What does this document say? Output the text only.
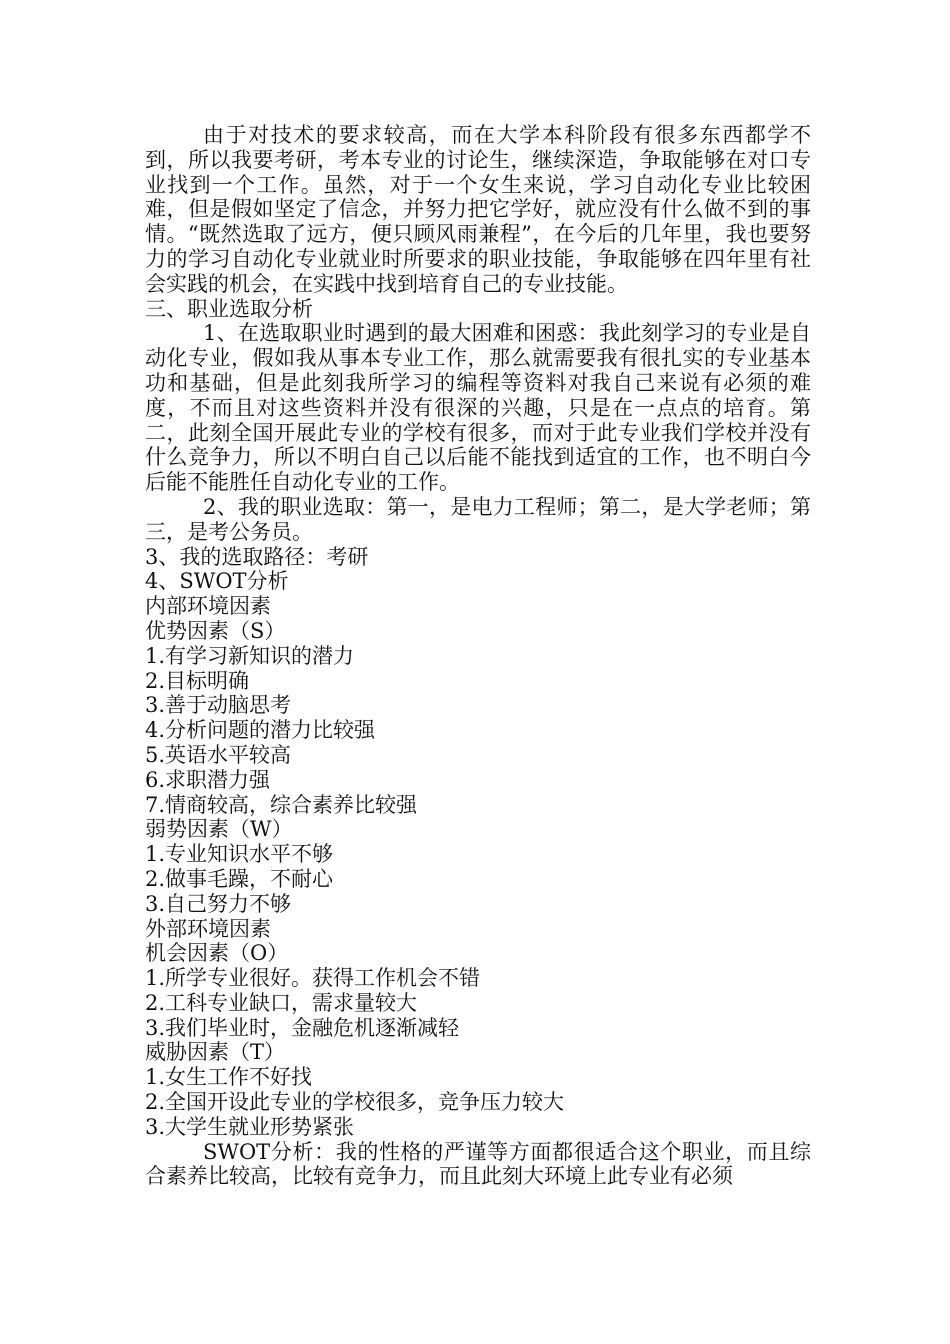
由于对技术的要求较高，而在大学本科阶段有很多东西都学不到，所以我要考研，考本专业的讨论生，继续深造，争取能够在对口专业找到一个工作。虽然，对于一个女生来说，学习自动化专业比较困难，但是假如坚定了信念，并努力把它学好，就应没有什么做不到的事情。“既然选取了远方，便只顾风雨兼程”，在今后的几年里，我也要努力的学习自动化专业就业时所要求的职业技能，争取能够在四年里有社会实践的机会，在实践中找到培育自己的专业技能。

三、职业选取分析

1、在选取职业时遇到的最大困难和困惑：我此刻学习的专业是自动化专业，假如我从事本专业工作，那么就需要我有很扎实的专业基本功和基础，但是此刻我所学习的编程等资料对我自己来说有必须的难度，不而且对这些资料并没有很深的兴趣，只是在一点点的培育。第二，此刻全国开展此专业的学校有很多，而对于此专业我们学校并没有什么竞争力，所以不明白自己以后能不能找到适宜的工作，也不明白今后能不能胜任自动化专业的工作。

2、我的职业选取：第一，是电力工程师；第二，是大学老师；第三，是考公务员。

3、我的选取路径：考研

4、SWOT分析

内部环境因素

优势因素（S）

1.有学习新知识的潜力

2.目标明确

3.善于动脑思考

4.分析问题的潜力比较强

5.英语水平较高

6.求职潜力强

7.情商较高，综合素养比较强

弱势因素（W）

1.专业知识水平不够

2.做事毛躁，不耐心

3.自己努力不够

外部环境因素

机会因素（O）

1.所学专业很好。获得工作机会不错

2.工科专业缺口，需求量较大

3.我们毕业时，金融危机逐渐减轻

威胁因素（T）

1.女生工作不好找

2.全国开设此专业的学校很多，竞争压力较大

3.大学生就业形势紧张

SWOT分析：我的性格的严谨等方面都很适合这个职业，而且综合素养比较高，比较有竞争力，而且此刻大环境上此专业有必须
